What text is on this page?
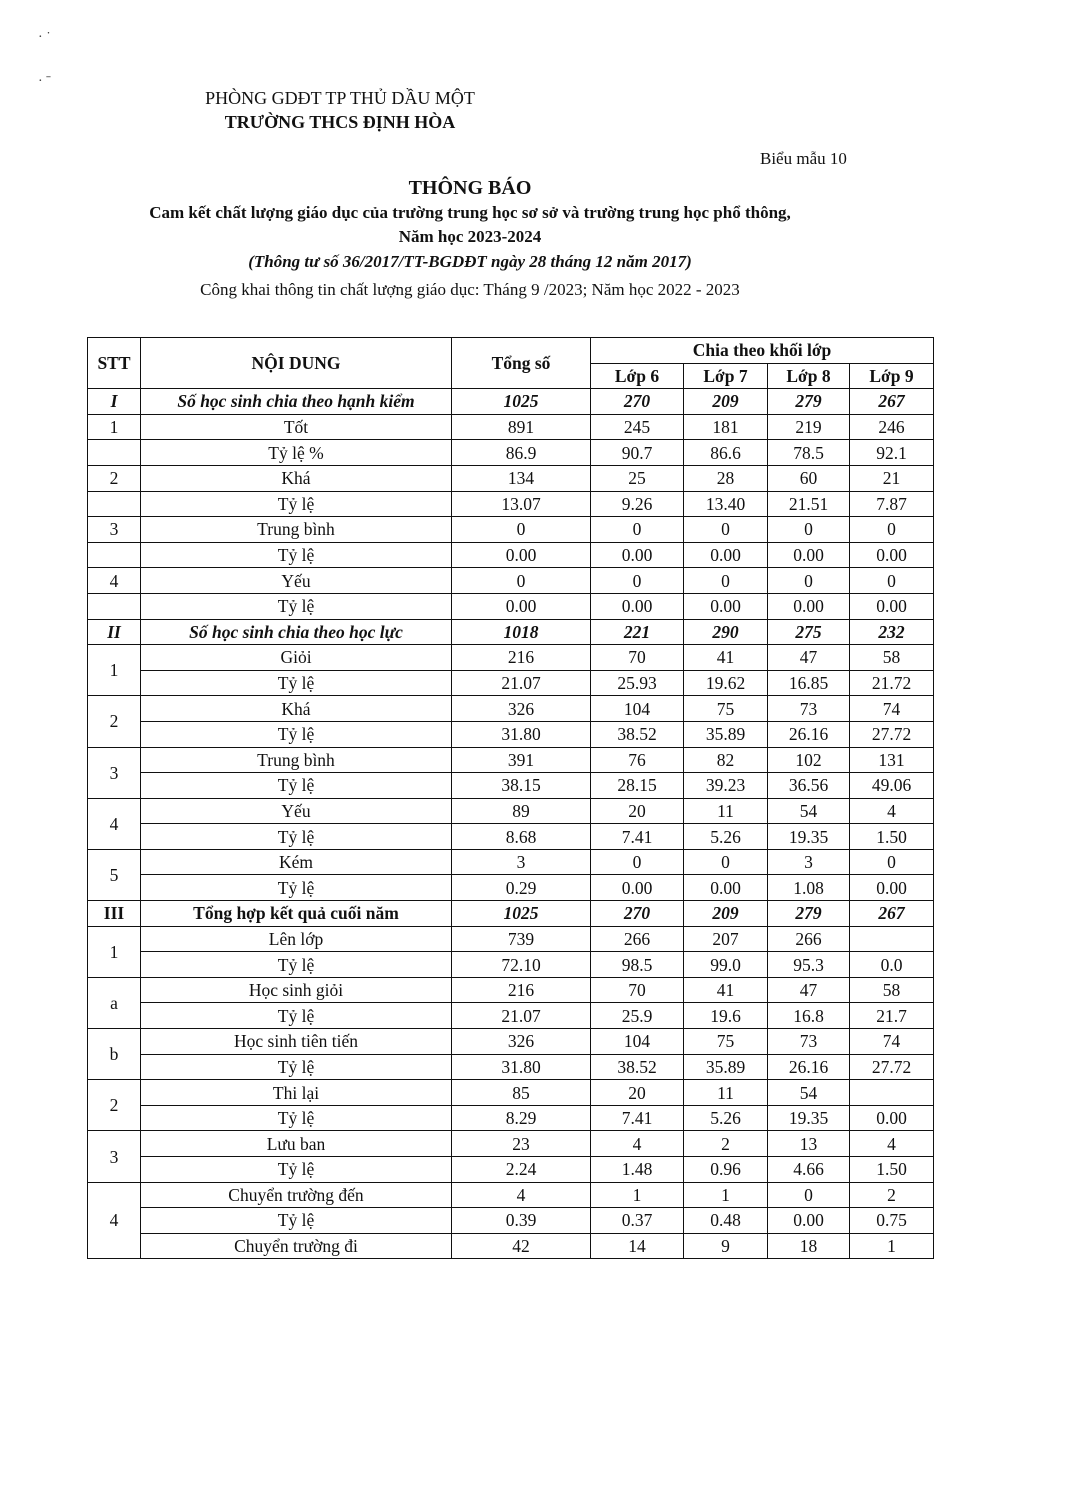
· ˙
· ˉ
PHÒNG GDĐT TP THỦ DẦU MỘT
TRƯỜNG THCS ĐỊNH HÒA
Biểu mẫu 10
THÔNG BÁO
Cam kết chất lượng giáo dục của trường trung học sơ sở và trường trung học phổ thông,
Năm học 2023-2024
(Thông tư số 36/2017/TT-BGDĐT ngày 28 tháng 12 năm 2017)
Công khai thông tin chất lượng giáo dục: Tháng 9 /2023; Năm học 2022 - 2023
STT	NỘI DUNG	Tổng số	Chia theo khối lớp			
			Lớp 6	Lớp 7	Lớp 8	Lớp 9
I	Số học sinh chia theo hạnh kiểm	1025	270	209	279	267
1	Tốt	891	245	181	219	246
	Tỷ lệ %	86.9	90.7	86.6	78.5	92.1
2	Khá	134	25	28	60	21
	Tỷ lệ	13.07	9.26	13.40	21.51	7.87
3	Trung bình	0	0	0	0	0
	Tỷ lệ	0.00	0.00	0.00	0.00	0.00
4	Yếu	0	0	0	0	0
	Tỷ lệ	0.00	0.00	0.00	0.00	0.00
II	Số học sinh chia theo học lực	1018	221	290	275	232
1	Giỏi	216	70	41	47	58
	Tỷ lệ	21.07	25.93	19.62	16.85	21.72
2	Khá	326	104	75	73	74
	Tỷ lệ	31.80	38.52	35.89	26.16	27.72
3	Trung bình	391	76	82	102	131
	Tỷ lệ	38.15	28.15	39.23	36.56	49.06
4	Yếu	89	20	11	54	4
	Tỷ lệ	8.68	7.41	5.26	19.35	1.50
5	Kém	3	0	0	3	0
	Tỷ lệ	0.29	0.00	0.00	1.08	0.00
III	Tổng hợp kết quả cuối năm	1025	270	209	279	267
1	Lên lớp	739	266	207	266	
	Tỷ lệ	72.10	98.5	99.0	95.3	0.0
a	Học sinh giỏi	216	70	41	47	58
	Tỷ lệ	21.07	25.9	19.6	16.8	21.7
b	Học sinh tiên tiến	326	104	75	73	74
	Tỷ lệ	31.80	38.52	35.89	26.16	27.72
2	Thi lại	85	20	11	54	
	Tỷ lệ	8.29	7.41	5.26	19.35	0.00
3	Lưu ban	23	4	2	13	4
	Tỷ lệ	2.24	1.48	0.96	4.66	1.50
4	Chuyển trường đến	4	1	1	0	2
	Tỷ lệ	0.39	0.37	0.48	0.00	0.75
	Chuyển trường đi	42	14	9	18	1
